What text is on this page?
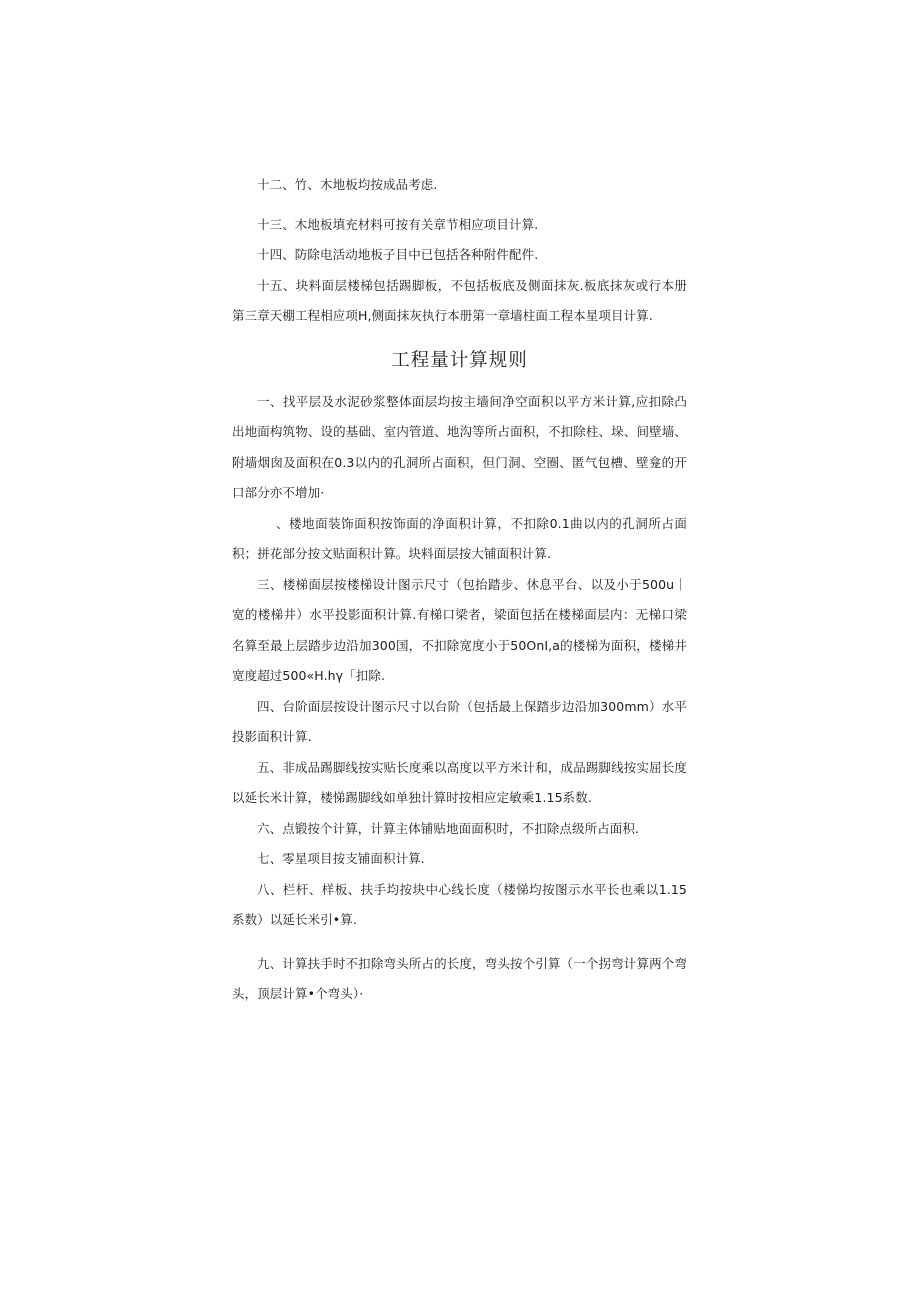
十二、竹、木地板均按成品考虑.

十三、木地板填充材料可按有关章节相应项目计算.

十四、防除电活动地板子目中已包括各种附件配件.

十五、块料面层楼梯包括踢脚板，不包括板底及侧面抹灰.板底抹灰或行本册第三章天棚工程相应项H,侧面抹灰执行本册第一章墙柱面工程本星项目计算.

工程量计算规则

一、找平层及水泥砂浆整体面层均按主墙间净空面积以平方米计算,应扣除凸出地面构筑物、设的基础、室内管道、地沟等所占面积，不扣除柱、垛、间壁墙、附墙烟囱及面积在0.3以内的孔洞所占面积，但门洞、空圈、匿气包槽、壁龛的开口部分亦不增加·

、楼地面装饰面积按饰面的净面积计算，不扣除0.1曲以内的孔洞所占面积；拼花部分按文贴面积计算。块料面层按大铺面积计算.

三、楼梯面层按楼梯设计图示尺寸（包抬踏步、休息平台、以及小于500u｜宽的楼梯井）水平投影面积计算.有梯口梁者，梁面包括在楼梯面层内：无梯口梁名算至最上层踏步边沿加300国，不扣除宽度小于50OnI,a的楼梯为面积，楼梯井宽度超过500«H.hγ「扣除.

四、台阶面层按设计图示尺寸以台阶（包括最上保踏步边沿加300mm）水平投影面积计算.

五、非成品踢脚线按实贴长度乘以高度以平方米计和，成品踢脚线按实屈长度以延长米计算，楼悌踢脚线如单独计算时按相应定敏乘1.15系数.

六、点锻按个计算，计算主体铺贴地面面积时，不扣除点级所占面积.

七、零星项目按支铺面积计算.

八、栏杆、样板、扶手均按块中心线长度（楼悌均按图示水平长也乘以1.15系数）以延长米引•算.

九、计算扶手时不扣除弯头所占的长度，弯头按个引算（一个拐弯计算两个弯头，顶层计算•个弯头）·
